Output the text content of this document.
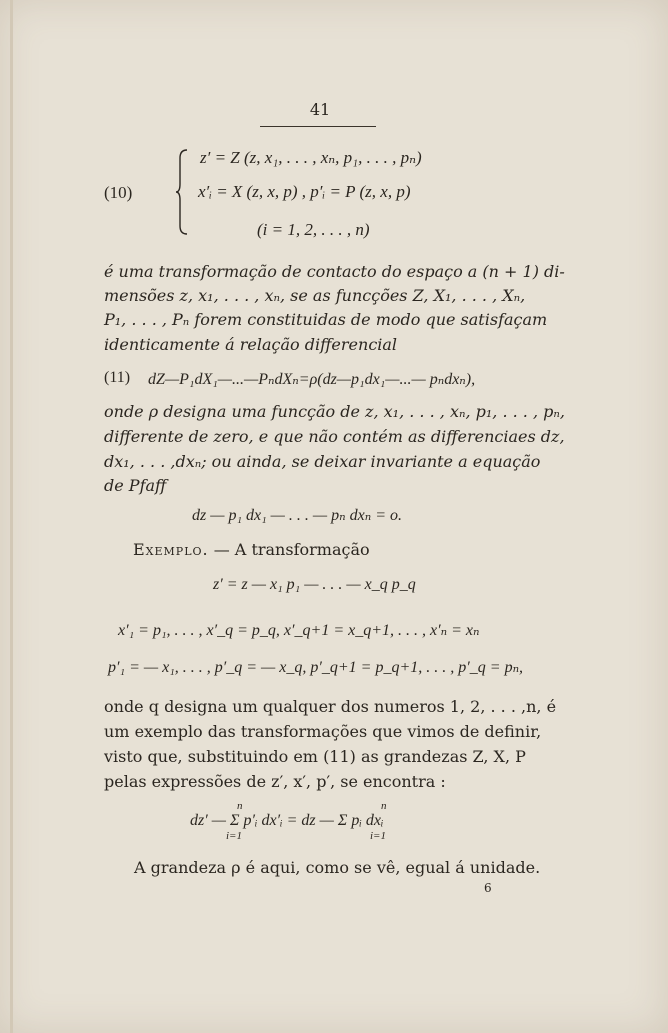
41
(10)
z′ = Z (z, x₁, . . . , xₙ, p₁, . . . , pₙ)
x′ᵢ = X (z, x, p) , p′ᵢ = P (z, x, p)
(i = 1, 2, . . . , n)
é uma transformação de contacto do espaço a (n + 1) di-
mensões z, x₁, . . . , xₙ, se as funcções Z, X₁, . . . , Xₙ,
P₁, . . . , Pₙ forem constituidas de modo que satisfaçam
identicamente á relação differencial
(11) dZ—P₁dX₁—...—PₙdXₙ=ρ(dz—p₁dx₁—...— pₙdxₙ),
onde ρ designa uma funcção de z, x₁, . . . , xₙ, p₁, . . . , pₙ,
differente de zero, e que não contém as differenciaes dz,
dx₁, . . . ,dxₙ; ou ainda, se deixar invariante a equação
de Pfaff
dz — p₁ dx₁ — . . . — pₙ dxₙ = o.
Exemplo. — A transformação
z′ = z — x₁ p₁ — . . . — x_q p_q
x′₁ = p₁, . . . , x′_q = p_q, x′_q+1 = x_q+1, . . . , x′ₙ = xₙ
p′₁ = — x₁, . . . , p′_q = — x_q, p′_q+1 = p_q+1, . . . , p′_q = pₙ,
onde q designa um qualquer dos numeros 1, 2, . . . ,n, é
um exemplo das transformações que vimos de definir,
visto que, substituindo em (11) as grandezas Z, X, P
pelas expressões de z′, x′, p′, se encontra :
dz′ — Σ p′ᵢ dx′ᵢ = dz — Σ pᵢ dxᵢ
n
i=1
n
i=1
A grandeza ρ é aqui, como se vê, egual á unidade.
6
